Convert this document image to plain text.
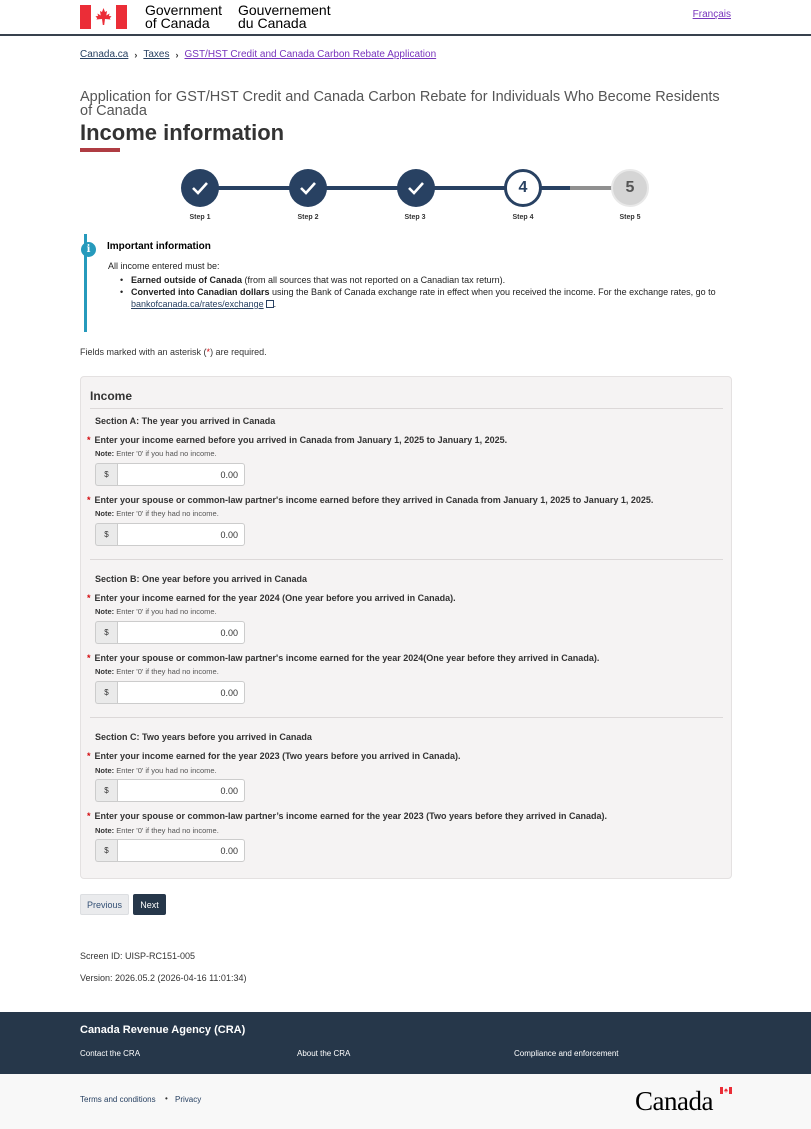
Government
of Canada
Gouvernement
du Canada
Français
Canada.ca › Taxes › GST/HST Credit and Canada Carbon Rebate Application
Application for GST/HST Credit and Canada Carbon Rebate for Individuals Who Become Residents of Canada
Income information
4	5
Step 1	Step 2	Step 3	Step 4	Step 5
i	Important information
All income entered must be:
• Earned outside of Canada (from all sources that was not reported on a Canadian tax return).
• Converted into Canadian dollars using the Bank of Canada exchange rate in effect when you received the income. For the exchange rates, go to bankofcanada.ca/rates/exchange .
Fields marked with an asterisk (*) are required.
Income
Section A: The year you arrived in Canada
* Enter your income earned before you arrived in Canada from January 1, 2025 to January 1, 2025.
Note: Enter '0' if you had no income.
$
0.00
* Enter your spouse or common-law partner's income earned before they arrived in Canada from January 1, 2025 to January 1, 2025.
Note: Enter '0' if they had no income.
$
0.00
Section B: One year before you arrived in Canada
* Enter your income earned for the year 2024 (One year before you arrived in Canada).
Note: Enter '0' if you had no income.
$
0.00
* Enter your spouse or common-law partner's income earned for the year 2024(One year before they arrived in Canada).
Note: Enter '0' if they had no income.
$
0.00
Section C: Two years before you arrived in Canada
* Enter your income earned for the year 2023 (Two years before you arrived in Canada).
Note: Enter '0' if you had no income.
$
0.00
* Enter your spouse or common-law partner’s income earned for the year 2023 (Two years before they arrived in Canada).
Note: Enter '0' if they had no income.
$
0.00
Previous	Next
Screen ID: UISP-RC151-005
Version: 2026.05.2 (2026-04-16 11:01:34)
Canada Revenue Agency (CRA)
Contact the CRA	About the CRA	Compliance and enforcement
Terms and conditions • Privacy	Canada
